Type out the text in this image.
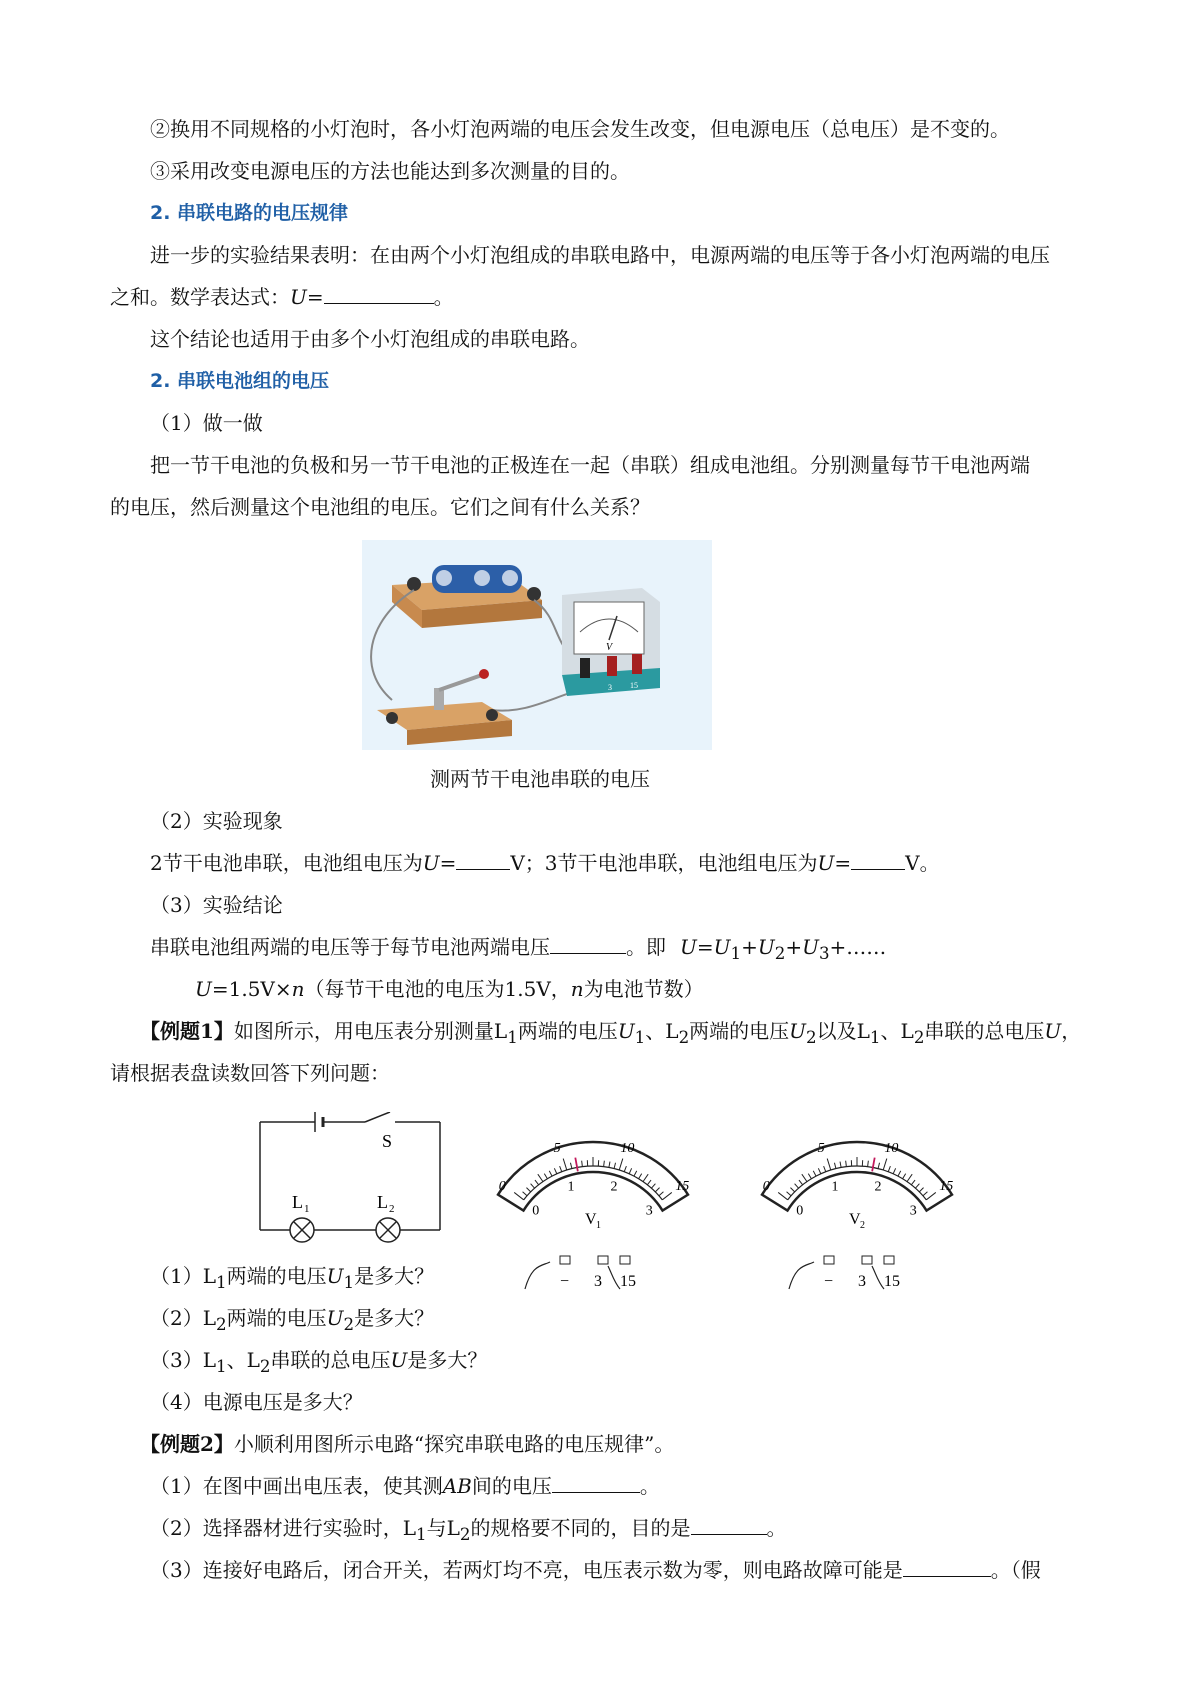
②换用不同规格的小灯泡时，各小灯泡两端的电压会发生改变，但电源电压（总电压）是不变的。
③采用改变电源电压的方法也能达到多次测量的目的。
2. 串联电路的电压规律
进一步的实验结果表明：在由两个小灯泡组成的串联电路中，电源两端的电压等于各小灯泡两端的电压
之和。数学表达式：U=	。
这个结论也适用于由多个小灯泡组成的串联电路。
2. 串联电池组的电压
（1）做一做
把一节干电池的负极和另一节干电池的正极连在一起（串联）组成电池组。分别测量每节干电池两端
的电压，然后测量这个电池组的电压。它们之间有什么关系？
V
3 15
测两节干电池串联的电压
（2）实验现象
2节干电池串联，电池组电压为U=	V；3节干电池串联，电池组电压为U=	V。
（3）实验结论
串联电池组两端的电压等于每节电池两端电压	。即 $U=U_1+U_2+U_3+\dots\dots$
U=1.5V×n（每节干电池的电压为1.5V，n为电池节数）
【例题1】如图所示，用电压表分别测量$L_1$两端的电压$U_1$、$L_2$两端的电压$U_2$以及$L_1$、$L_2$串联的总电压U，
请根据表盘读数回答下列问题：
S
L 1	L 2
0
5	10
15
0
1	2
3
V 1
0
5	10
15
0
1	2
3
V 2
$(1)L_1$两端的电压$U_1$是多大？
$(2)L_2$两端的电压$U_2$是多大？
$(3)L_1$、$L_2$串联的总电压U是多大？
（4）电源电压是多大？
【例题2】小顺利用图所示电路“探究串联电路的电压规律”。
（1）在图中画出电压表，使其测AB间的电压	。
（2）选择器材进行实验时，$L_1$与$L_2$的规格要不同的，目的是	。
（3）连接好电路后，闭合开关，若两灯均不亮，电压表示数为零，则电路故障可能是	。（假
− 3 15	− 3 15
